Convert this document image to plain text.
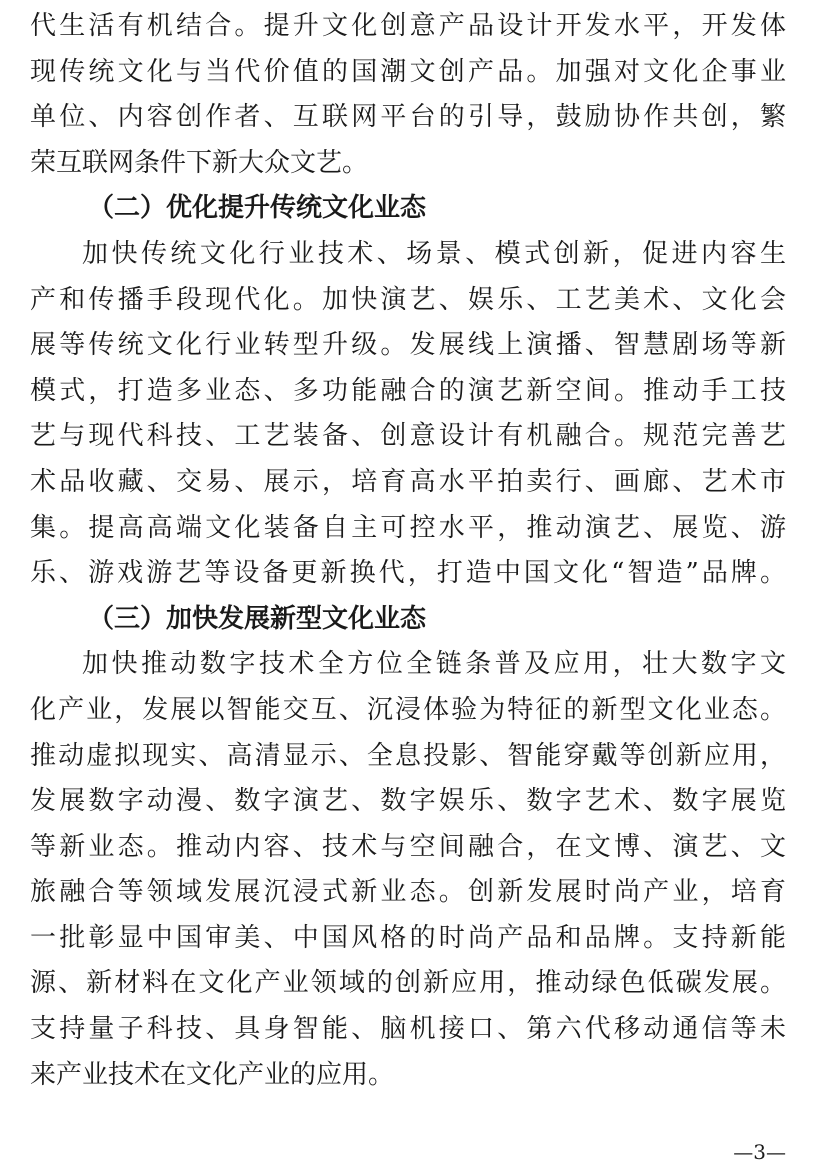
代生活有机结合。提升文化创意产品设计开发水平，开发体
现传统文化与当代价值的国潮文创产品。加强对文化企事业
单位、内容创作者、互联网平台的引导，鼓励协作共创，繁
荣互联网条件下新大众文艺。
（二）优化提升传统文化业态
加快传统文化行业技术、场景、模式创新，促进内容生
产和传播手段现代化。加快演艺、娱乐、工艺美术、文化会
展等传统文化行业转型升级。发展线上演播、智慧剧场等新
模式，打造多业态、多功能融合的演艺新空间。推动手工技
艺与现代科技、工艺装备、创意设计有机融合。规范完善艺
术品收藏、交易、展示，培育高水平拍卖行、画廊、艺术市
集。提高高端文化装备自主可控水平，推动演艺、展览、游
乐、游戏游艺等设备更新换代，打造中国文化“智造”品牌。
（三）加快发展新型文化业态
加快推动数字技术全方位全链条普及应用，壮大数字文
化产业，发展以智能交互、沉浸体验为特征的新型文化业态。
推动虚拟现实、高清显示、全息投影、智能穿戴等创新应用，
发展数字动漫、数字演艺、数字娱乐、数字艺术、数字展览
等新业态。推动内容、技术与空间融合，在文博、演艺、文
旅融合等领域发展沉浸式新业态。创新发展时尚产业，培育
一批彰显中国审美、中国风格的时尚产品和品牌。支持新能
源、新材料在文化产业领域的创新应用，推动绿色低碳发展。
支持量子科技、具身智能、脑机接口、第六代移动通信等未
来产业技术在文化产业的应用。
—3—
